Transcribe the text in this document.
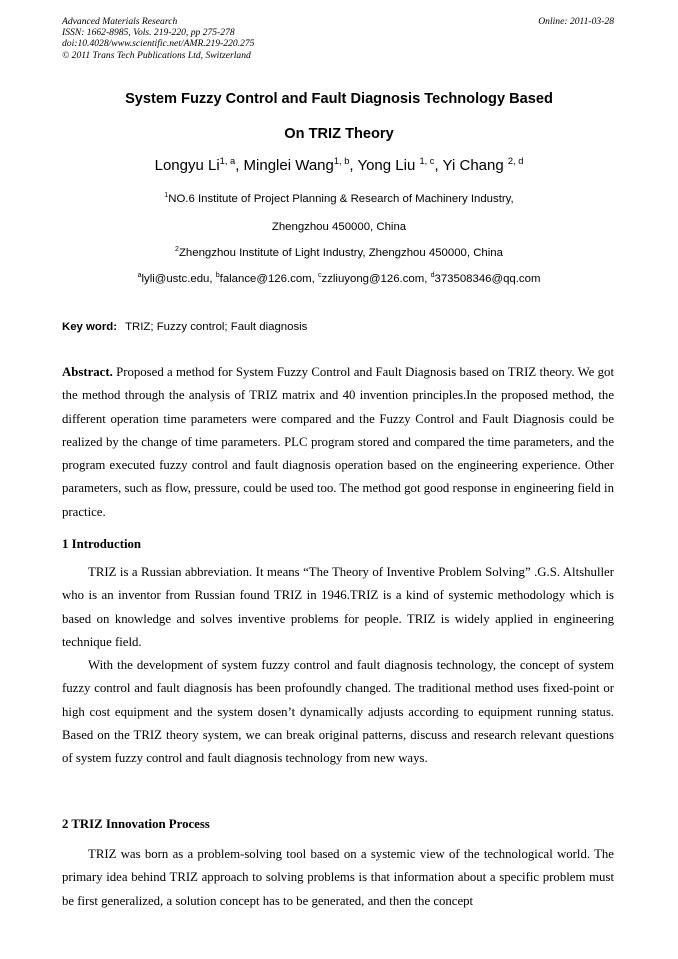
Advanced Materials Research
ISSN: 1662-8985, Vols. 219-220, pp 275-278
doi:10.4028/www.scientific.net/AMR.219-220.275
© 2011 Trans Tech Publications Ltd, Switzerland
Online: 2011-03-28
System Fuzzy Control and Fault Diagnosis Technology Based
On TRIZ Theory
Longyu Li$^{1, a}$, Minglei Wang$^{1, b}$, Yong Liu $^{1, c}$, Yi Chang $^{2, d}$
$^1$NO.6 Institute of Project Planning & Research of Machinery Industry,
Zhengzhou 450000, China
$^2$Zhengzhou Institute of Light Industry, Zhengzhou 450000, China
$^a$lyli@ustc.edu, $^b$falance@126.com, $^c$zzliuyong@126.com, $^d$373508346@qq.com
Key word: TRIZ; Fuzzy control; Fault diagnosis

Abstract. Proposed a method for System Fuzzy Control and Fault Diagnosis based on TRIZ theory. We got the method through the analysis of TRIZ matrix and 40 invention principles.In the proposed method, the different operation time parameters were compared and the Fuzzy Control and Fault Diagnosis could be realized by the change of time parameters. PLC program stored and compared the time parameters, and the program executed fuzzy control and fault diagnosis operation based on the engineering experience. Other parameters, such as flow, pressure, could be used too. The method got good response in engineering field in practice.

1 Introduction

TRIZ is a Russian abbreviation. It means “The Theory of Inventive Problem Solving” .G.S. Altshuller who is an inventor from Russian found TRIZ in 1946.TRIZ is a kind of systemic methodology which is based on knowledge and solves inventive problems for people. TRIZ is widely applied in engineering technique field.

With the development of system fuzzy control and fault diagnosis technology, the concept of system fuzzy control and fault diagnosis has been profoundly changed. The traditional method uses fixed-point or high cost equipment and the system dosen’t dynamically adjusts according to equipment running status. Based on the TRIZ theory system, we can break original patterns, discuss and research relevant questions of system fuzzy control and fault diagnosis technology from new ways.

2 TRIZ Innovation Process

TRIZ was born as a problem-solving tool based on a systemic view of the technological world. The primary idea behind TRIZ approach to solving problems is that information about a specific problem must be first generalized, a solution concept has to be generated, and then the concept
